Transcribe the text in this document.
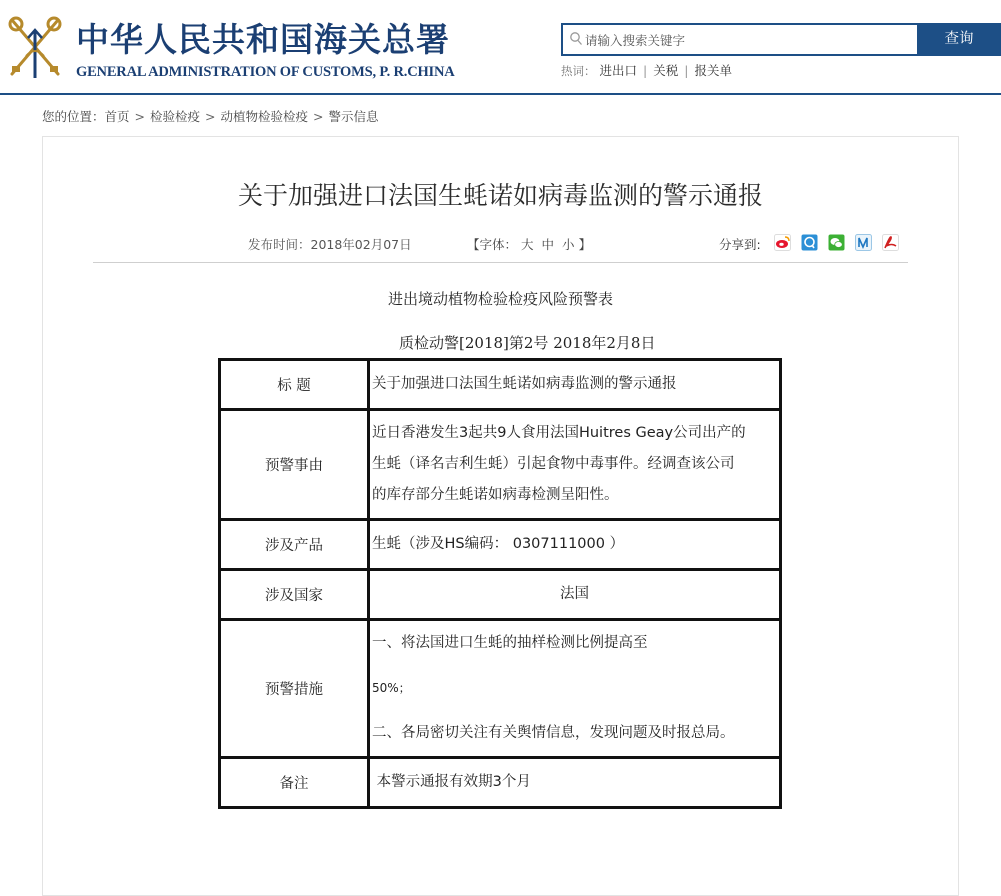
中华人民共和国海关总署
GENERAL ADMINISTRATION OF CUSTOMS, P. R.CHINA
请输入搜索关键字
查询
热词： 进出口 | 关税 | 报关单
您的位置：首页 > 检验检疫 > 动植物检验检疫 > 警示信息
关于加强进口法国生蚝诺如病毒监测的警示通报
发布时间：2018年02月07日	【字体： 大 中 小 】	分享到:
进出境动植物检验检疫风险预警表
质检动警[2018]第2号 2018年2月8日
标 题	关于加强进口法国生蚝诺如病毒监测的警示通报

预警事由	近日香港发生3起共9人食用法国Huitres Geay公司出产的
生蚝（译名吉利生蚝）引起食物中毒事件。经调查该公司
的库存部分生蚝诺如病毒检测呈阳性。

涉及产品	生蚝（涉及HS编码： 0307111000 ）

涉及国家	法国
预警措施	一、将法国进口生蚝的抽样检测比例提高至
50%；
二、各局密切关注有关舆情信息，发现问题及时报总局。

备注	本警示通报有效期3个月
